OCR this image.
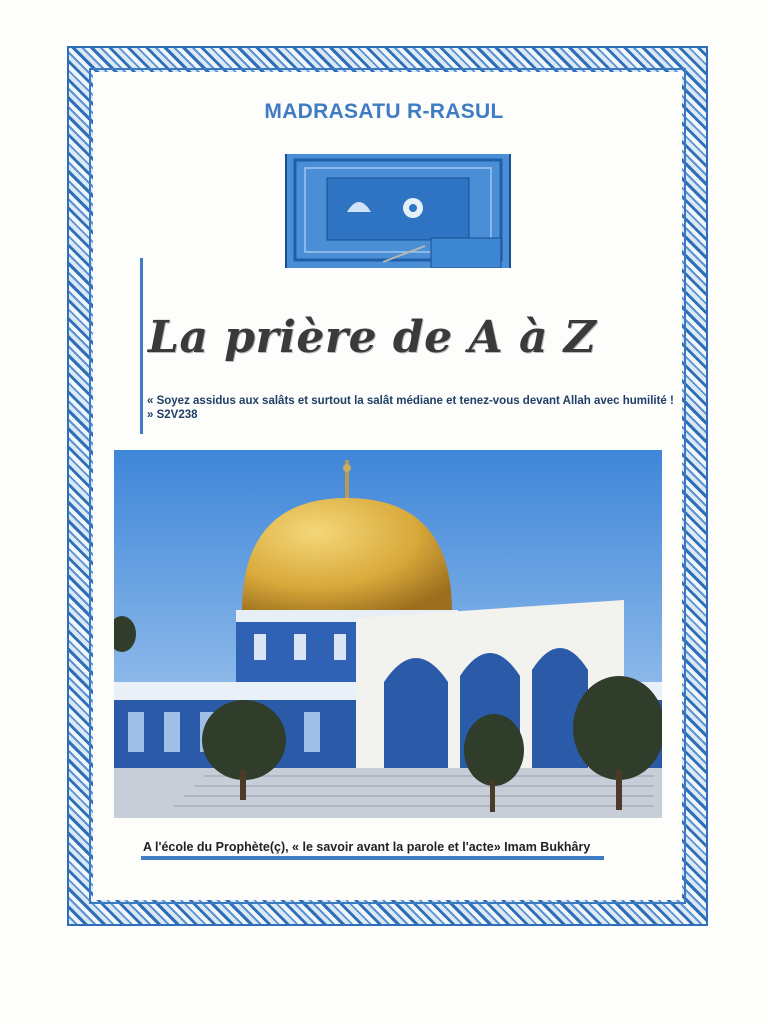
MADRASATU R-RASUL
La prière de A à Z
« Soyez assidus aux salâts et surtout la salât médiane et tenez-vous devant Allah avec humilité ! » S2V238
A l'école du Prophète(ç), « le savoir avant la parole et l'acte» Imam Bukhâry
